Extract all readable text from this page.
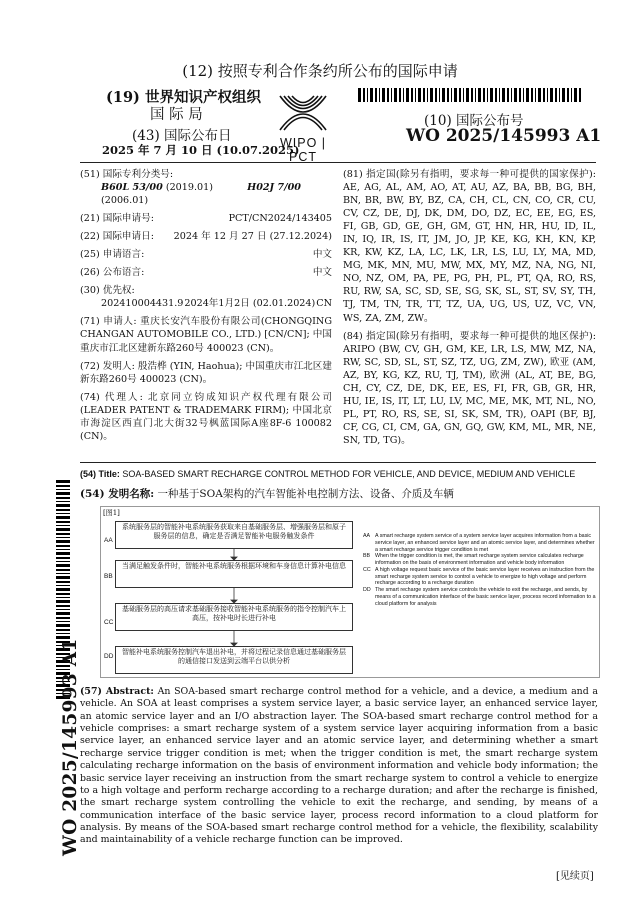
(12) 按照专利合作条约所公布的国际申请
(19) 世界知识产权组织
国 际 局
(43) 国际公布日
2025 年 7 月 10 日 (10.07.2025)
WIPO | PCT
(10) 国际公布号
WO 2025/145993 A1
(51) 国际专利分类号:
B60L 53/00 (2019.01)	H02J 7/00 (2006.01)
(21) 国际申请号:	PCT/CN2024/143405
(22) 国际申请日: 2024 年 12 月 27 日 (27.12.2024)
(25) 申请语言:	中文
(26) 公布语言:	中文
(30) 优先权:
202410004431.9 2024年1月2日 (02.01.2024) CN
(71) 申请人: 重庆长安汽车股份有限公司(CHONGQING CHANGAN AUTOMOBILE CO., LTD.) [CN/CN]; 中国重庆市江北区建新东路260号 400023 (CN)。
(72) 发明人: 殷浩桦 (YIN, Haohua); 中国重庆市江北区建新东路260号 400023 (CN)。
(74) 代理人: 北京同立钧成知识产权代理有限公司(LEADER PATENT & TRADEMARK FIRM); 中国北京市海淀区西直门北大街32号枫蓝国际A座8F-6 100082 (CN)。
(81) 指定国(除另有指明，要求每一种可提供的国家保护): AE, AG, AL, AM, AO, AT, AU, AZ, BA, BB, BG, BH, BN, BR, BW, BY, BZ, CA, CH, CL, CN, CO, CR, CU, CV, CZ, DE, DJ, DK, DM, DO, DZ, EC, EE, EG, ES, FI, GB, GD, GE, GH, GM, GT, HN, HR, HU, ID, IL, IN, IQ, IR, IS, IT, JM, JO, JP, KE, KG, KH, KN, KP, KR, KW, KZ, LA, LC, LK, LR, LS, LU, LY, MA, MD, MG, MK, MN, MU, MW, MX, MY, MZ, NA, NG, NI, NO, NZ, OM, PA, PE, PG, PH, PL, PT, QA, RO, RS, RU, RW, SA, SC, SD, SE, SG, SK, SL, ST, SV, SY, TH, TJ, TM, TN, TR, TT, TZ, UA, UG, US, UZ, VC, VN, WS, ZA, ZM, ZW。
(84) 指定国(除另有指明，要求每一种可提供的地区保护): ARIPO (BW, CV, GH, GM, KE, LR, LS, MW, MZ, NA, RW, SC, SD, SL, ST, SZ, TZ, UG, ZM, ZW), 欧亚 (AM, AZ, BY, KG, KZ, RU, TJ, TM), 欧洲 (AL, AT, BE, BG, CH, CY, CZ, DE, DK, EE, ES, FI, FR, GB, GR, HR, HU, IE, IS, IT, LT, LU, LV, MC, ME, MK, MT, NL, NO, PL, PT, RO, RS, SE, SI, SK, SM, TR), OAPI (BF, BJ, CF, CG, CI, CM, GA, GN, GQ, GW, KM, ML, MR, NE, SN, TD, TG)。
(54) Title: SOA-BASED SMART RECHARGE CONTROL METHOD FOR VEHICLE, AND DEVICE, MEDIUM AND VEHICLE
(54) 发明名称: 一种基于SOA架构的汽车智能补电控制方法、设备、介质及车辆
[图1]
AA
系统服务层的智能补电系统服务获取来自基础服务层、增强服务层和原子服务层的信息，确定是否满足智能补电服务触发条件
BB
当满足触发条件时，智能补电系统服务根据环境和车身信息计算补电信息
CC
基础服务层的高压请求基础服务接收智能补电系统服务的指令控制汽车上高压，按补电时长进行补电
DD
智能补电系统服务控制汽车退出补电，并将过程记录信息通过基础服务层的通信接口发送到云端平台以供分析
AA A smart recharge system service of a system service layer acquires information from a basic service layer, an enhanced service layer and an atomic service layer, and determines whether a smart recharge service trigger condition is met
BB When the trigger condition is met, the smart recharge system service calculates recharge information on the basis of environment information and vehicle body information
CC A high voltage request basic service of the basic service layer receives an instruction from the smart recharge system service to control a vehicle to energize to high voltage and perform recharge according to a recharge duration
DD The smart recharge system service controls the vehicle to exit the recharge, and sends, by means of a communication interface of the basic service layer, process record information to a cloud platform for analysis
(57) Abstract: An SOA-based smart recharge control method for a vehicle, and a device, a medium and a vehicle. An SOA at least comprises a system service layer, a basic service layer, an enhanced service layer, an atomic service layer and an I/O abstraction layer. The SOA-based smart recharge control method for a vehicle comprises: a smart recharge system of a system service layer acquiring information from a basic service layer, an enhanced service layer and an atomic service layer, and determining whether a smart recharge service trigger condition is met; when the trigger condition is met, the smart recharge system calculating recharge information on the basis of environment information and vehicle body information; the basic service layer receiving an instruction from the smart recharge system to control a vehicle to energize to a high voltage and perform recharge according to a recharge duration; and after the recharge is finished, the smart recharge system controlling the vehicle to exit the recharge, and sending, by means of a communication interface of the basic service layer, process record information to a cloud platform for analysis. By means of the SOA-based smart recharge control method for a vehicle, the flexibility, scalability and maintainability of a vehicle recharge function can be improved.
WO 2025/145993 A1
[见续页]
